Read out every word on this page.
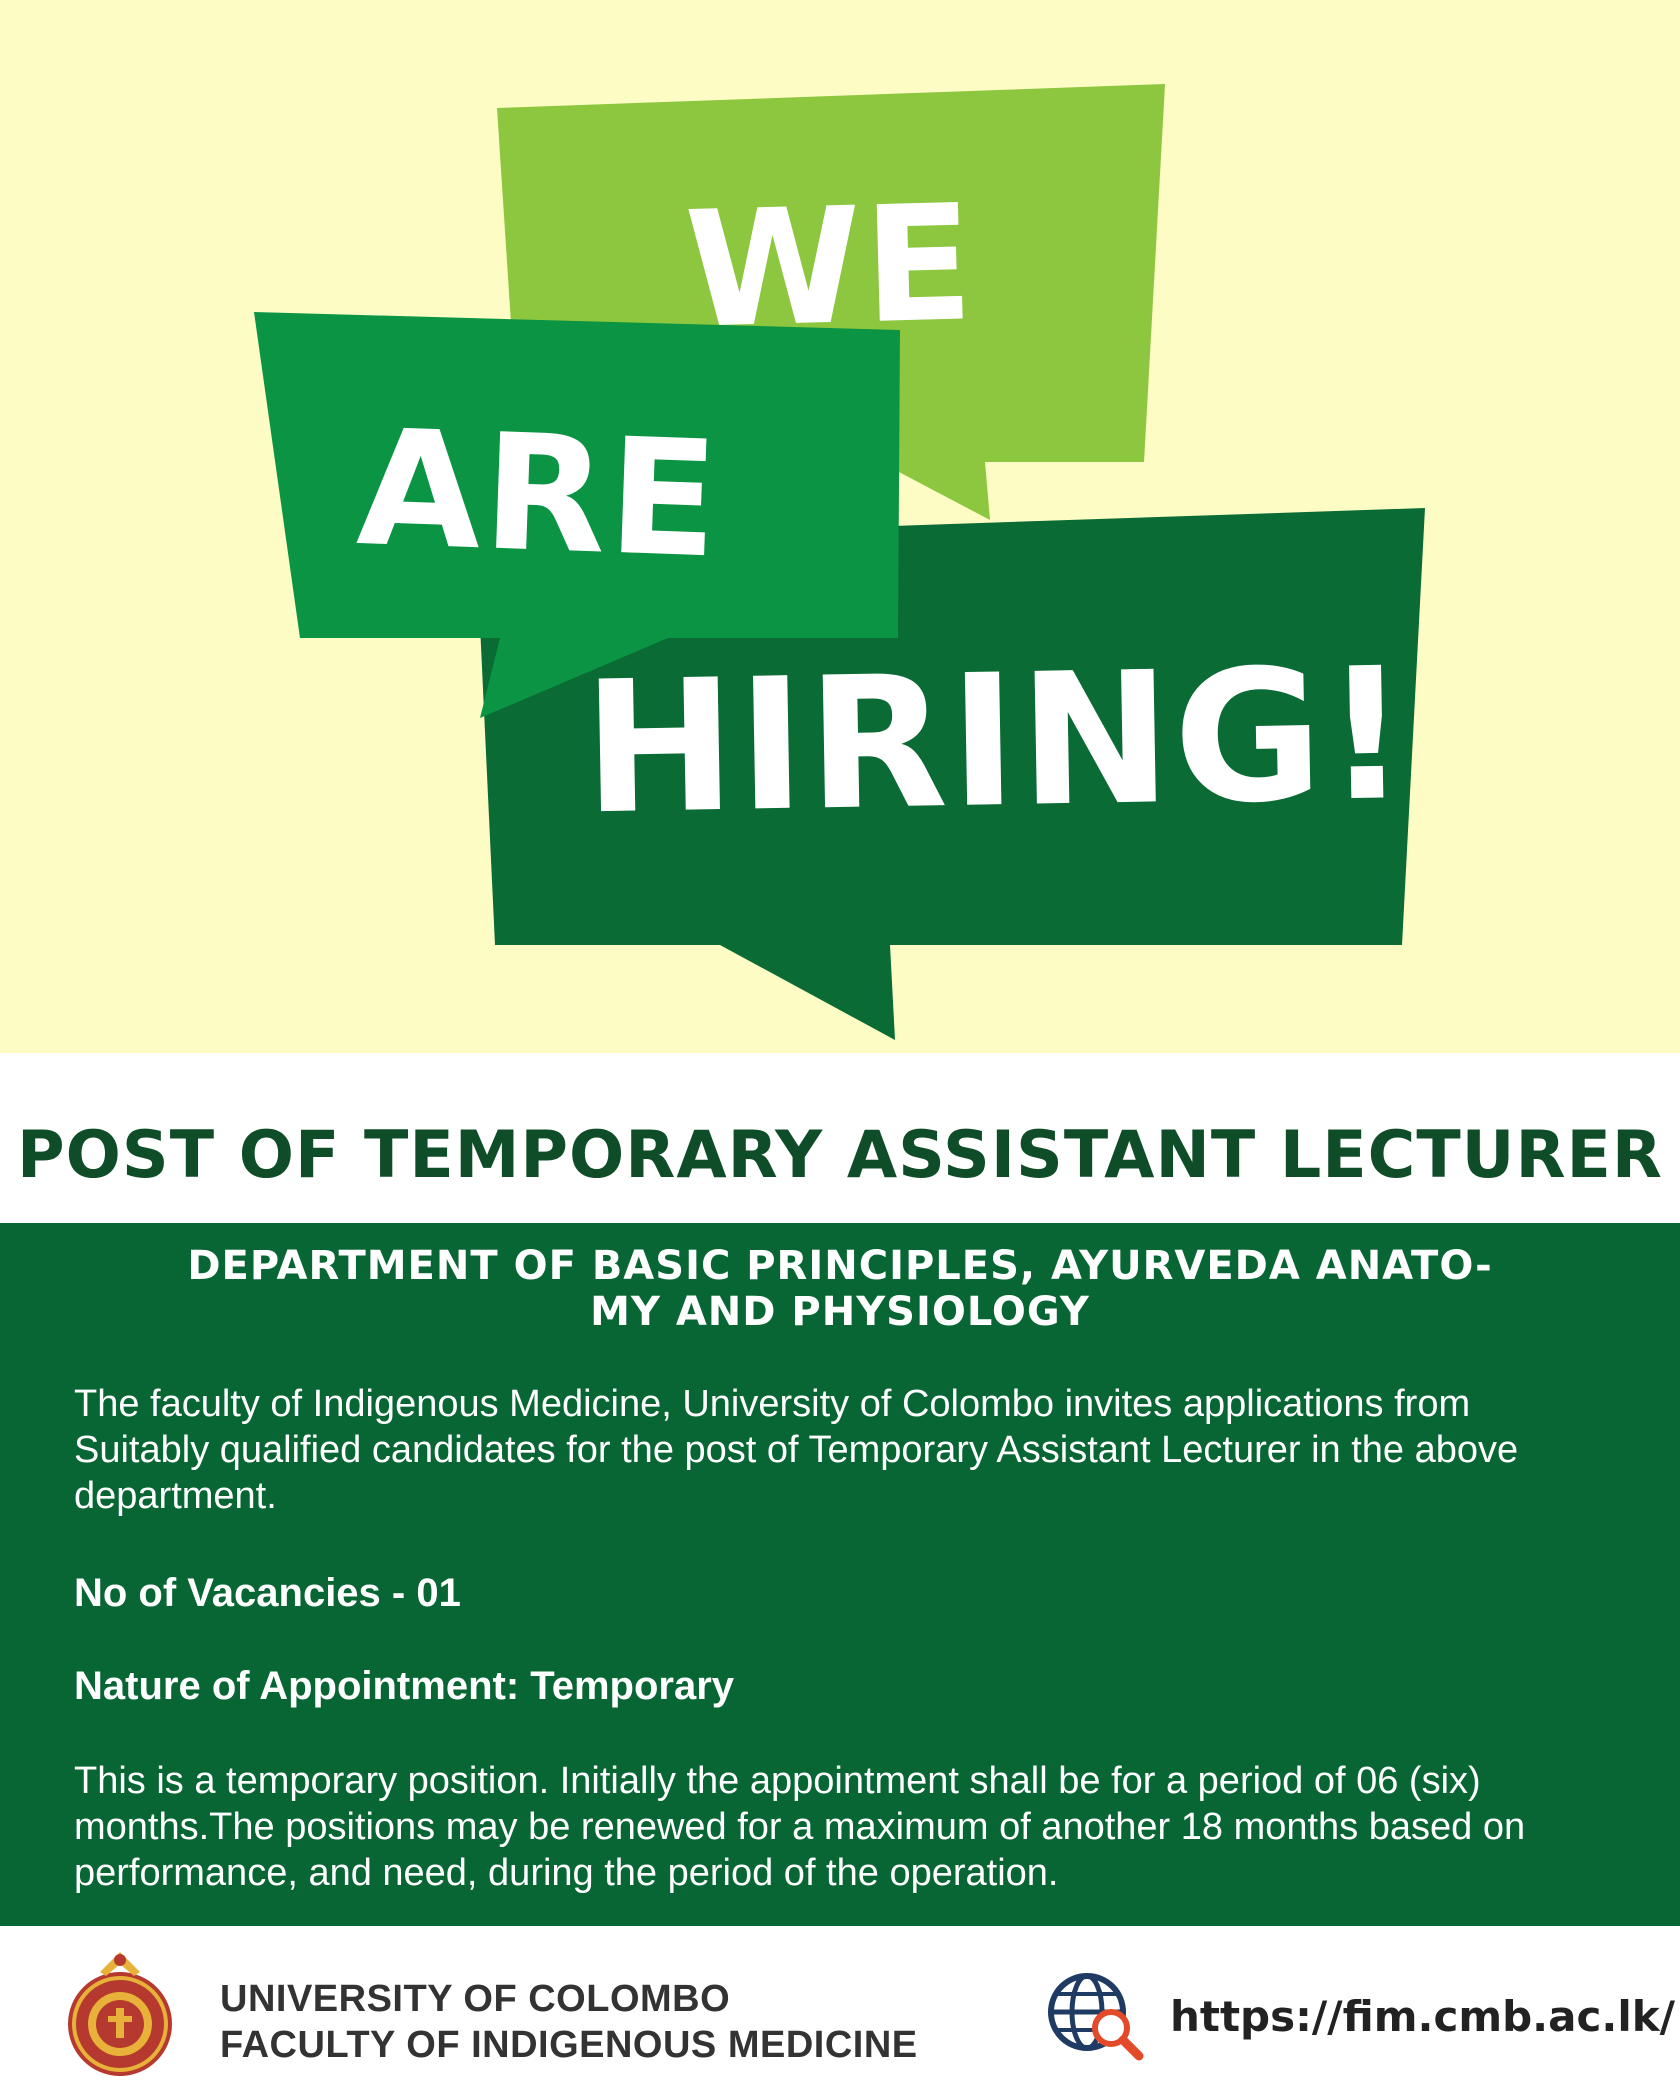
WE
ARE
HIRING!
POST OF TEMPORARY ASSISTANT LECTURER
DEPARTMENT OF BASIC PRINCIPLES, AYURVEDA ANATO-
MY AND PHYSIOLOGY

The faculty of Indigenous Medicine, University of Colombo invites applications from Suitably qualified candidates for the post of Temporary Assistant Lecturer in the above department.

No of Vacancies - 01

Nature of Appointment: Temporary

This is a temporary position. Initially the appointment shall be for a period of 06 (six) months.The positions may be renewed for a maximum of another 18 months based on performance, and need, during the period of the operation.

UNIVERSITY OF COLOMBO
FACULTY OF INDIGENOUS MEDICINE
https://fim.cmb.ac.lk/
